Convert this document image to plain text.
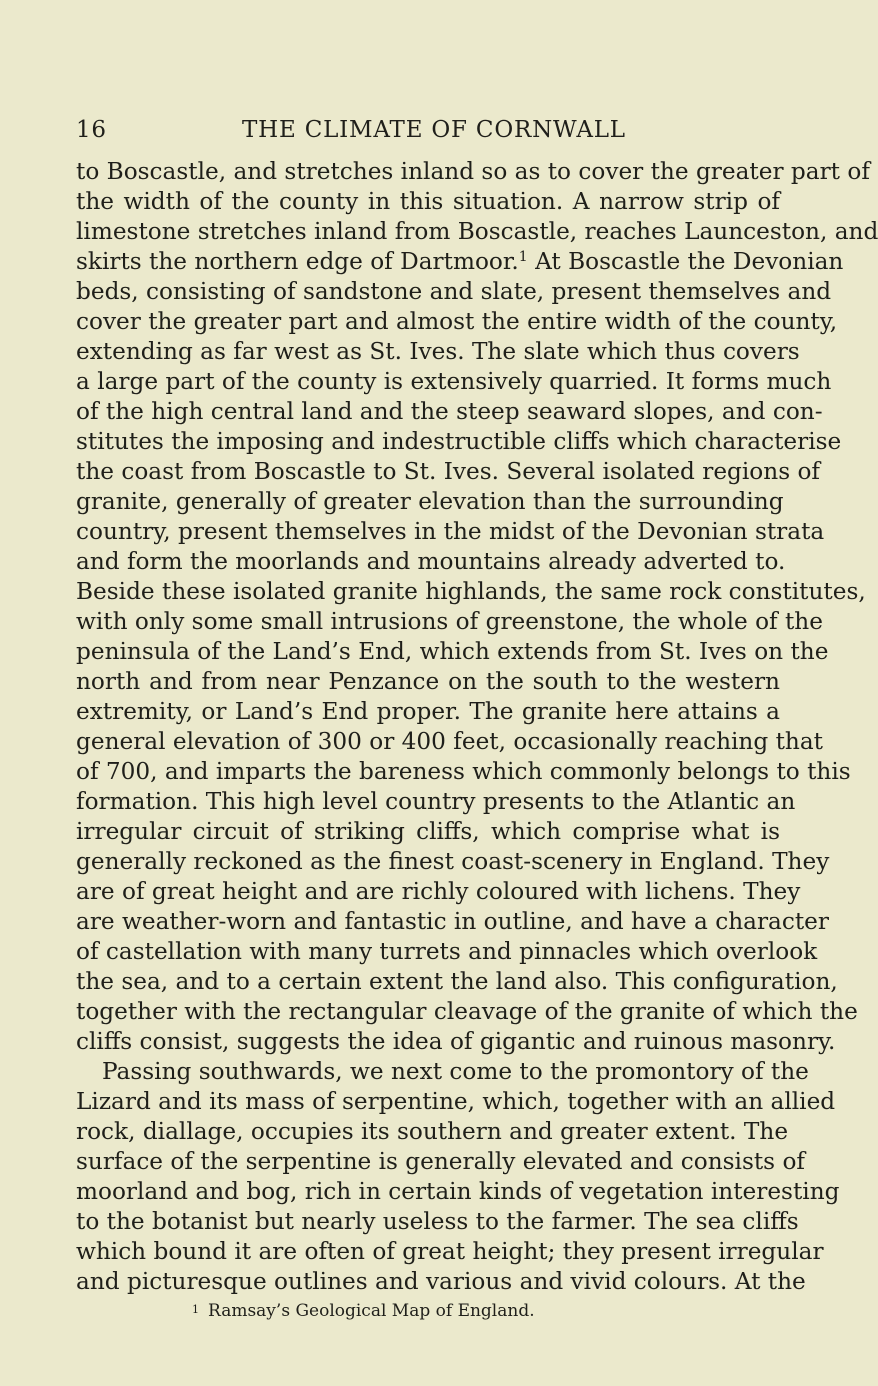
16	THE CLIMATE OF CORNWALL
to Boscastle, and stretches inland so as to cover the greater part of
the width of the county in this situation. A narrow strip of
limestone stretches inland from Boscastle, reaches Launceston, and
skirts the northern edge of Dartmoor.$^1$ At Boscastle the Devonian
beds, consisting of sandstone and slate, present themselves and
cover the greater part and almost the entire width of the county,
extending as far west as St. Ives. The slate which thus covers
a large part of the county is extensively quarried. It forms much
of the high central land and the steep seaward slopes, and con-
stitutes the imposing and indestructible cliffs which characterise
the coast from Boscastle to St. Ives. Several isolated regions of
granite, generally of greater elevation than the surrounding
country, present themselves in the midst of the Devonian strata
and form the moorlands and mountains already adverted to.
Beside these isolated granite highlands, the same rock constitutes,
with only some small intrusions of greenstone, the whole of the
peninsula of the Land’s End, which extends from St. Ives on the
north and from near Penzance on the south to the western
extremity, or Land’s End proper. The granite here attains a
general elevation of 300 or 400 feet, occasionally reaching that
of 700, and imparts the bareness which commonly belongs to this
formation. This high level country presents to the Atlantic an
irregular circuit of striking cliffs, which comprise what is
generally reckoned as the finest coast-scenery in England. They
are of great height and are richly coloured with lichens. They
are weather-worn and fantastic in outline, and have a character
of castellation with many turrets and pinnacles which overlook
the sea, and to a certain extent the land also. This configuration,
together with the rectangular cleavage of the granite of which the
cliffs consist, suggests the idea of gigantic and ruinous masonry.
Passing southwards, we next come to the promontory of the
Lizard and its mass of serpentine, which, together with an allied
rock, diallage, occupies its southern and greater extent. The
surface of the serpentine is generally elevated and consists of
moorland and bog, rich in certain kinds of vegetation interesting
to the botanist but nearly useless to the farmer. The sea cliffs
which bound it are often of great height; they present irregular
and picturesque outlines and various and vivid colours. At the
$^1$ Ramsay’s Geological Map of England.
